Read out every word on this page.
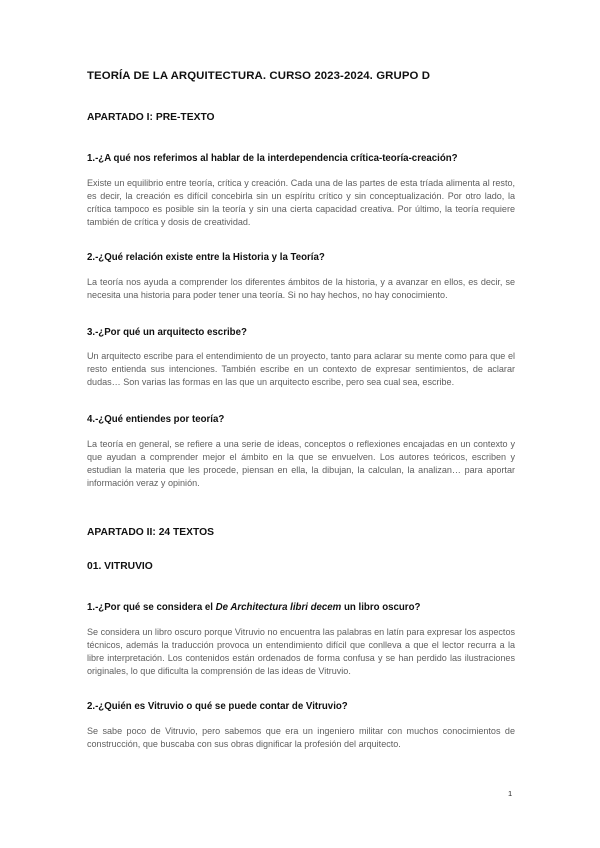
TEORÍA DE LA ARQUITECTURA. CURSO 2023-2024. GRUPO D
APARTADO I: PRE-TEXTO
1.-¿A qué nos referimos al hablar de la interdependencia crítica-teoría-creación?

Existe un equilibrio entre teoría, crítica y creación. Cada una de las partes de esta tríada alimenta al resto, es decir, la creación es difícil concebirla sin un espíritu crítico y sin conceptualización. Por otro lado, la crítica tampoco es posible sin la teoría y sin una cierta capacidad creativa. Por último, la teoría requiere también de crítica y dosis de creatividad.

2.-¿Qué relación existe entre la Historia y la Teoría?

La teoría nos ayuda a comprender los diferentes ámbitos de la historia, y a avanzar en ellos, es decir, se necesita una historia para poder tener una teoría. Si no hay hechos, no hay conocimiento.

3.-¿Por qué un arquitecto escribe?

Un arquitecto escribe para el entendimiento de un proyecto, tanto para aclarar su mente como para que el resto entienda sus intenciones. También escribe en un contexto de expresar sentimientos, de aclarar dudas… Son varias las formas en las que un arquitecto escribe, pero sea cual sea, escribe.

4.-¿Qué entiendes por teoría?

La teoría en general, se refiere a una serie de ideas, conceptos o reflexiones encajadas en un contexto y que ayudan a comprender mejor el ámbito en la que se envuelven. Los autores teóricos, escriben y estudian la materia que les procede, piensan en ella, la dibujan, la calculan, la analizan… para aportar información veraz y opinión.

APARTADO II: 24 TEXTOS
01. VITRUVIO
1.-¿Por qué se considera el De Architectura libri decem un libro oscuro?

Se considera un libro oscuro porque Vitruvio no encuentra las palabras en latín para expresar los aspectos técnicos, además la traducción provoca un entendimiento difícil que conlleva a que el lector recurra a la libre interpretación. Los contenidos están ordenados de forma confusa y se han perdido las ilustraciones originales, lo que dificulta la comprensión de las ideas de Vitruvio.

2.-¿Quién es Vitruvio o qué se puede contar de Vitruvio?

Se sabe poco de Vitruvio, pero sabemos que era un ingeniero militar con muchos conocimientos de construcción, que buscaba con sus obras dignificar la profesión del arquitecto.

1
